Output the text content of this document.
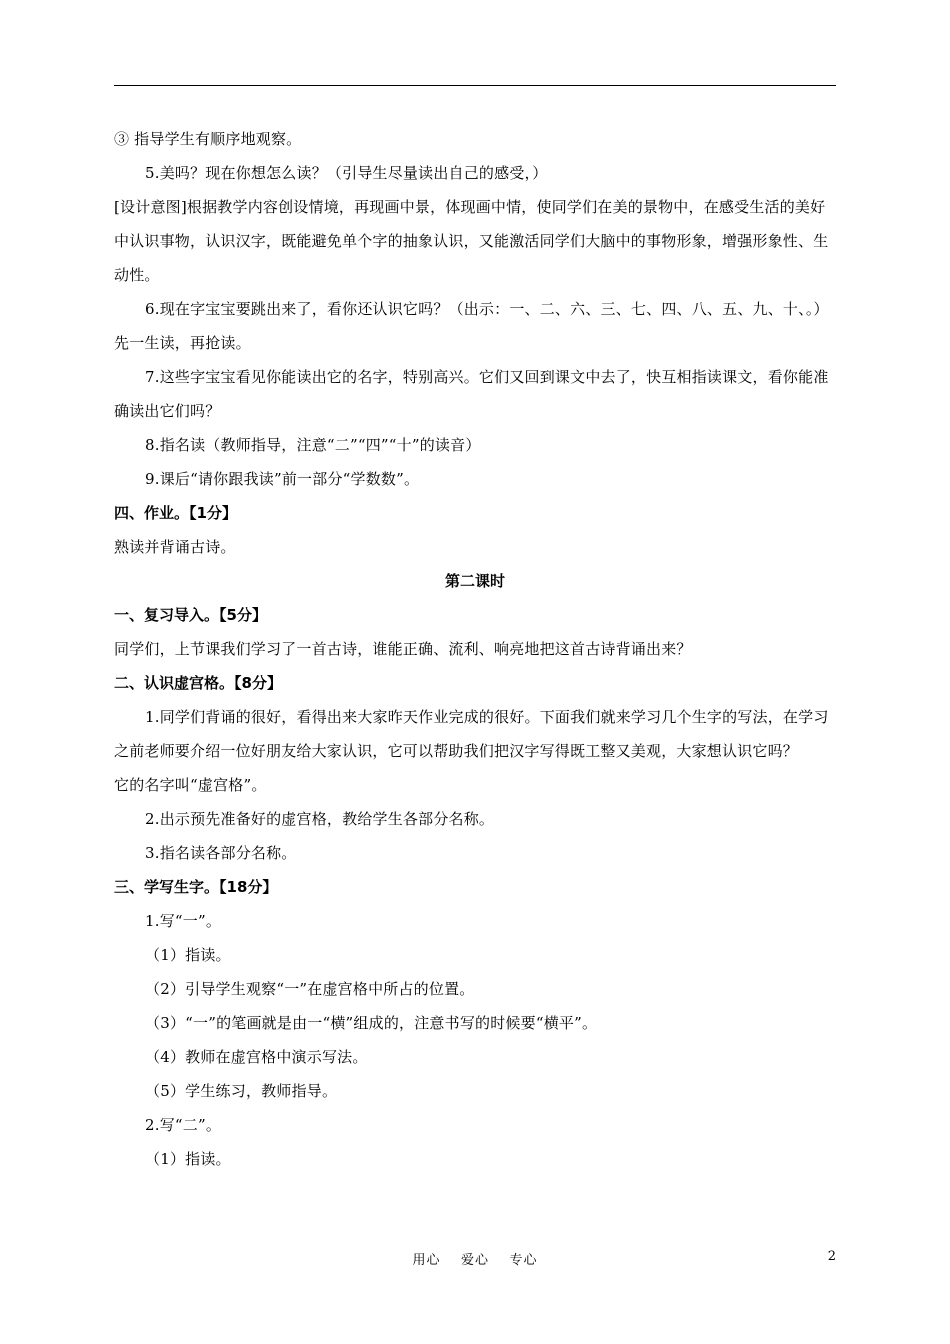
③ 指导学生有顺序地观察。
5.美吗？现在你想怎么读？（引导生尽量读出自己的感受，）

[设计意图]根据教学内容创设情境，再现画中景，体现画中情，使同学们在美的景物中，在感受生活的美好中认识事物，认识汉字，既能避免单个字的抽象认识，又能激活同学们大脑中的事物形象，增强形象性、生动性。

6.现在字宝宝要跳出来了，看你还认识它吗？（出示：一、二、六、三、七、四、八、五、九、十、。）先一生读，再抢读。

7.这些字宝宝看见你能读出它的名字，特别高兴。它们又回到课文中去了，快互相指读课文，看你能准确读出它们吗？

8.指名读（教师指导，注意“二”“四”“十”的读音）
9.课后“请你跟我读”前一部分“学数数”。
四、作业。【1分】
熟读并背诵古诗。
第二课时
一、复习导入。【5分】
同学们，上节课我们学习了一首古诗，谁能正确、流利、响亮地把这首古诗背诵出来？
二、认识虚宫格。【8分】

1.同学们背诵的很好，看得出来大家昨天作业完成的很好。下面我们就来学习几个生字的写法，在学习之前老师要介绍一位好朋友给大家认识，它可以帮助我们把汉字写得既工整又美观，大家想认识它吗？

它的名字叫“虚宫格”。
2.出示预先准备好的虚宫格，教给学生各部分名称。
3.指名读各部分名称。
三、学写生字。【18分】
1.写“一”。
（1）指读。
（2）引导学生观察“一”在虚宫格中所占的位置。
（3）“一”的笔画就是由一“横”组成的，注意书写的时候要“横平”。
（4）教师在虚宫格中演示写法。
（5）学生练习，教师指导。
2.写“二”。
（1）指读。
用心    爱心    专心	2
